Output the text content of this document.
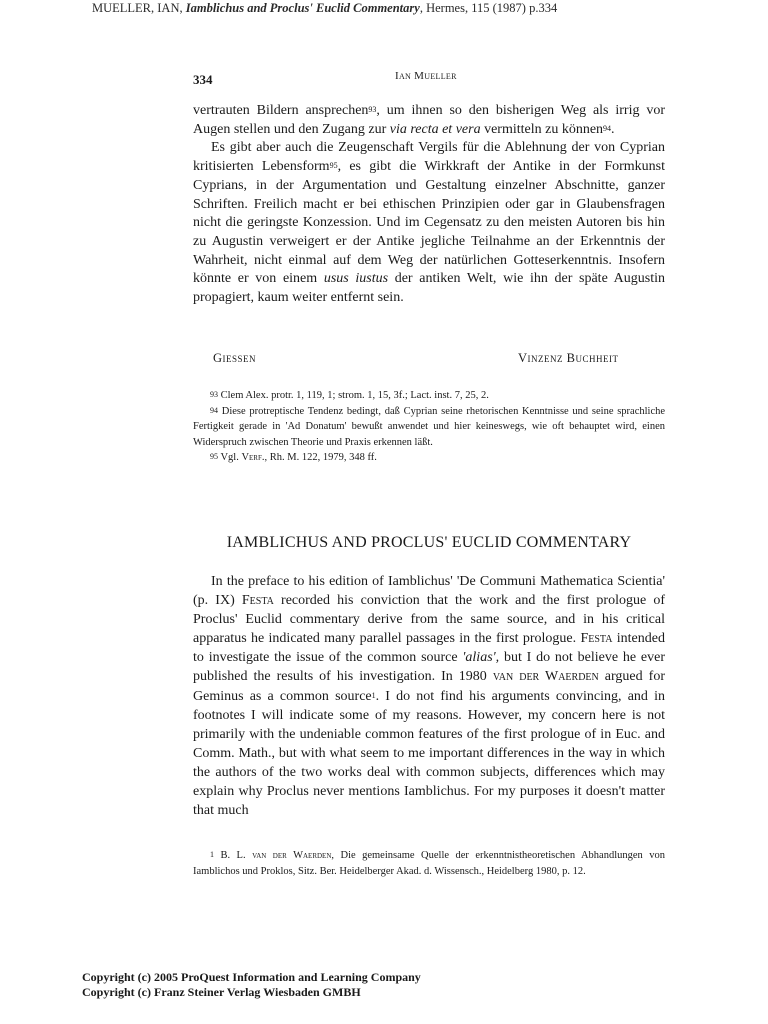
MUELLER, IAN, Iamblichus and Proclus' Euclid Commentary, Hermes, 115 (1987) p.334
334	Ian Mueller

vertrauten Bildern ansprechen$^{93}$, um ihnen so den bisherigen Weg als irrig vor Augen stellen und den Zugang zur via recta et vera vermitteln zu können$^{94}$.

Es gibt aber auch die Zeugenschaft Vergils für die Ablehnung der von Cyprian kritisierten Lebensform$^{95}$, es gibt die Wirkkraft der Antike in der Formkunst Cyprians, in der Argumentation und Gestaltung einzelner Abschnitte, ganzer Schriften. Freilich macht er bei ethischen Prinzipien oder gar in Glaubensfragen nicht die geringste Konzession. Und im Cegensatz zu den meisten Autoren bis hin zu Augustin verweigert er der Antike jegliche Teilnahme an der Erkenntnis der Wahrheit, nicht einmal auf dem Weg der natürlichen Gotteserkenntnis. Insofern könnte er von einem usus iustus der antiken Welt, wie ihn der späte Augustin propagiert, kaum weiter entfernt sein.

Giessen	Vinzenz Buchheit

$^{93}$ Clem Alex. protr. 1, 119, 1; strom. 1, 15, 3f.; Lact. inst. 7, 25, 2.

$^{94}$ Diese protreptische Tendenz bedingt, daß Cyprian seine rhetorischen Kenntnisse und seine sprachliche Fertigkeit gerade in 'Ad Donatum' bewußt anwendet und hier keineswegs, wie oft behauptet wird, einen Widerspruch zwischen Theorie und Praxis erkennen läßt.

$^{95}$ Vgl. Verf., Rh. M. 122, 1979, 348 ff.

IAMBLICHUS AND PROCLUS' EUCLID COMMENTARY

In the preface to his edition of Iamblichus' 'De Communi Mathematica Scientia' (p. IX) Festa recorded his conviction that the work and the first prologue of Proclus' Euclid commentary derive from the same source, and in his critical apparatus he indicated many parallel passages in the first prologue. Festa intended to investigate the issue of the common source 'alias', but I do not believe he ever published the results of his investigation. In 1980 van der Waerden argued for Geminus as a common source$^1$. I do not find his arguments convincing, and in footnotes I will indicate some of my reasons. However, my concern here is not primarily with the undeniable common features of the first prologue of in Euc. and Comm. Math., but with what seem to me important differences in the way in which the authors of the two works deal with common subjects, differences which may explain why Proclus never mentions Iamblichus. For my purposes it doesn't matter that much

$^1$ B. L. van der Waerden, Die gemeinsame Quelle der erkenntnistheoretischen Abhandlungen von Iamblichos und Proklos, Sitz. Ber. Heidelberger Akad. d. Wissensch., Heidelberg 1980, p. 12.

Copyright (c) 2005 ProQuest Information and Learning Company
Copyright (c) Franz Steiner Verlag Wiesbaden GMBH
